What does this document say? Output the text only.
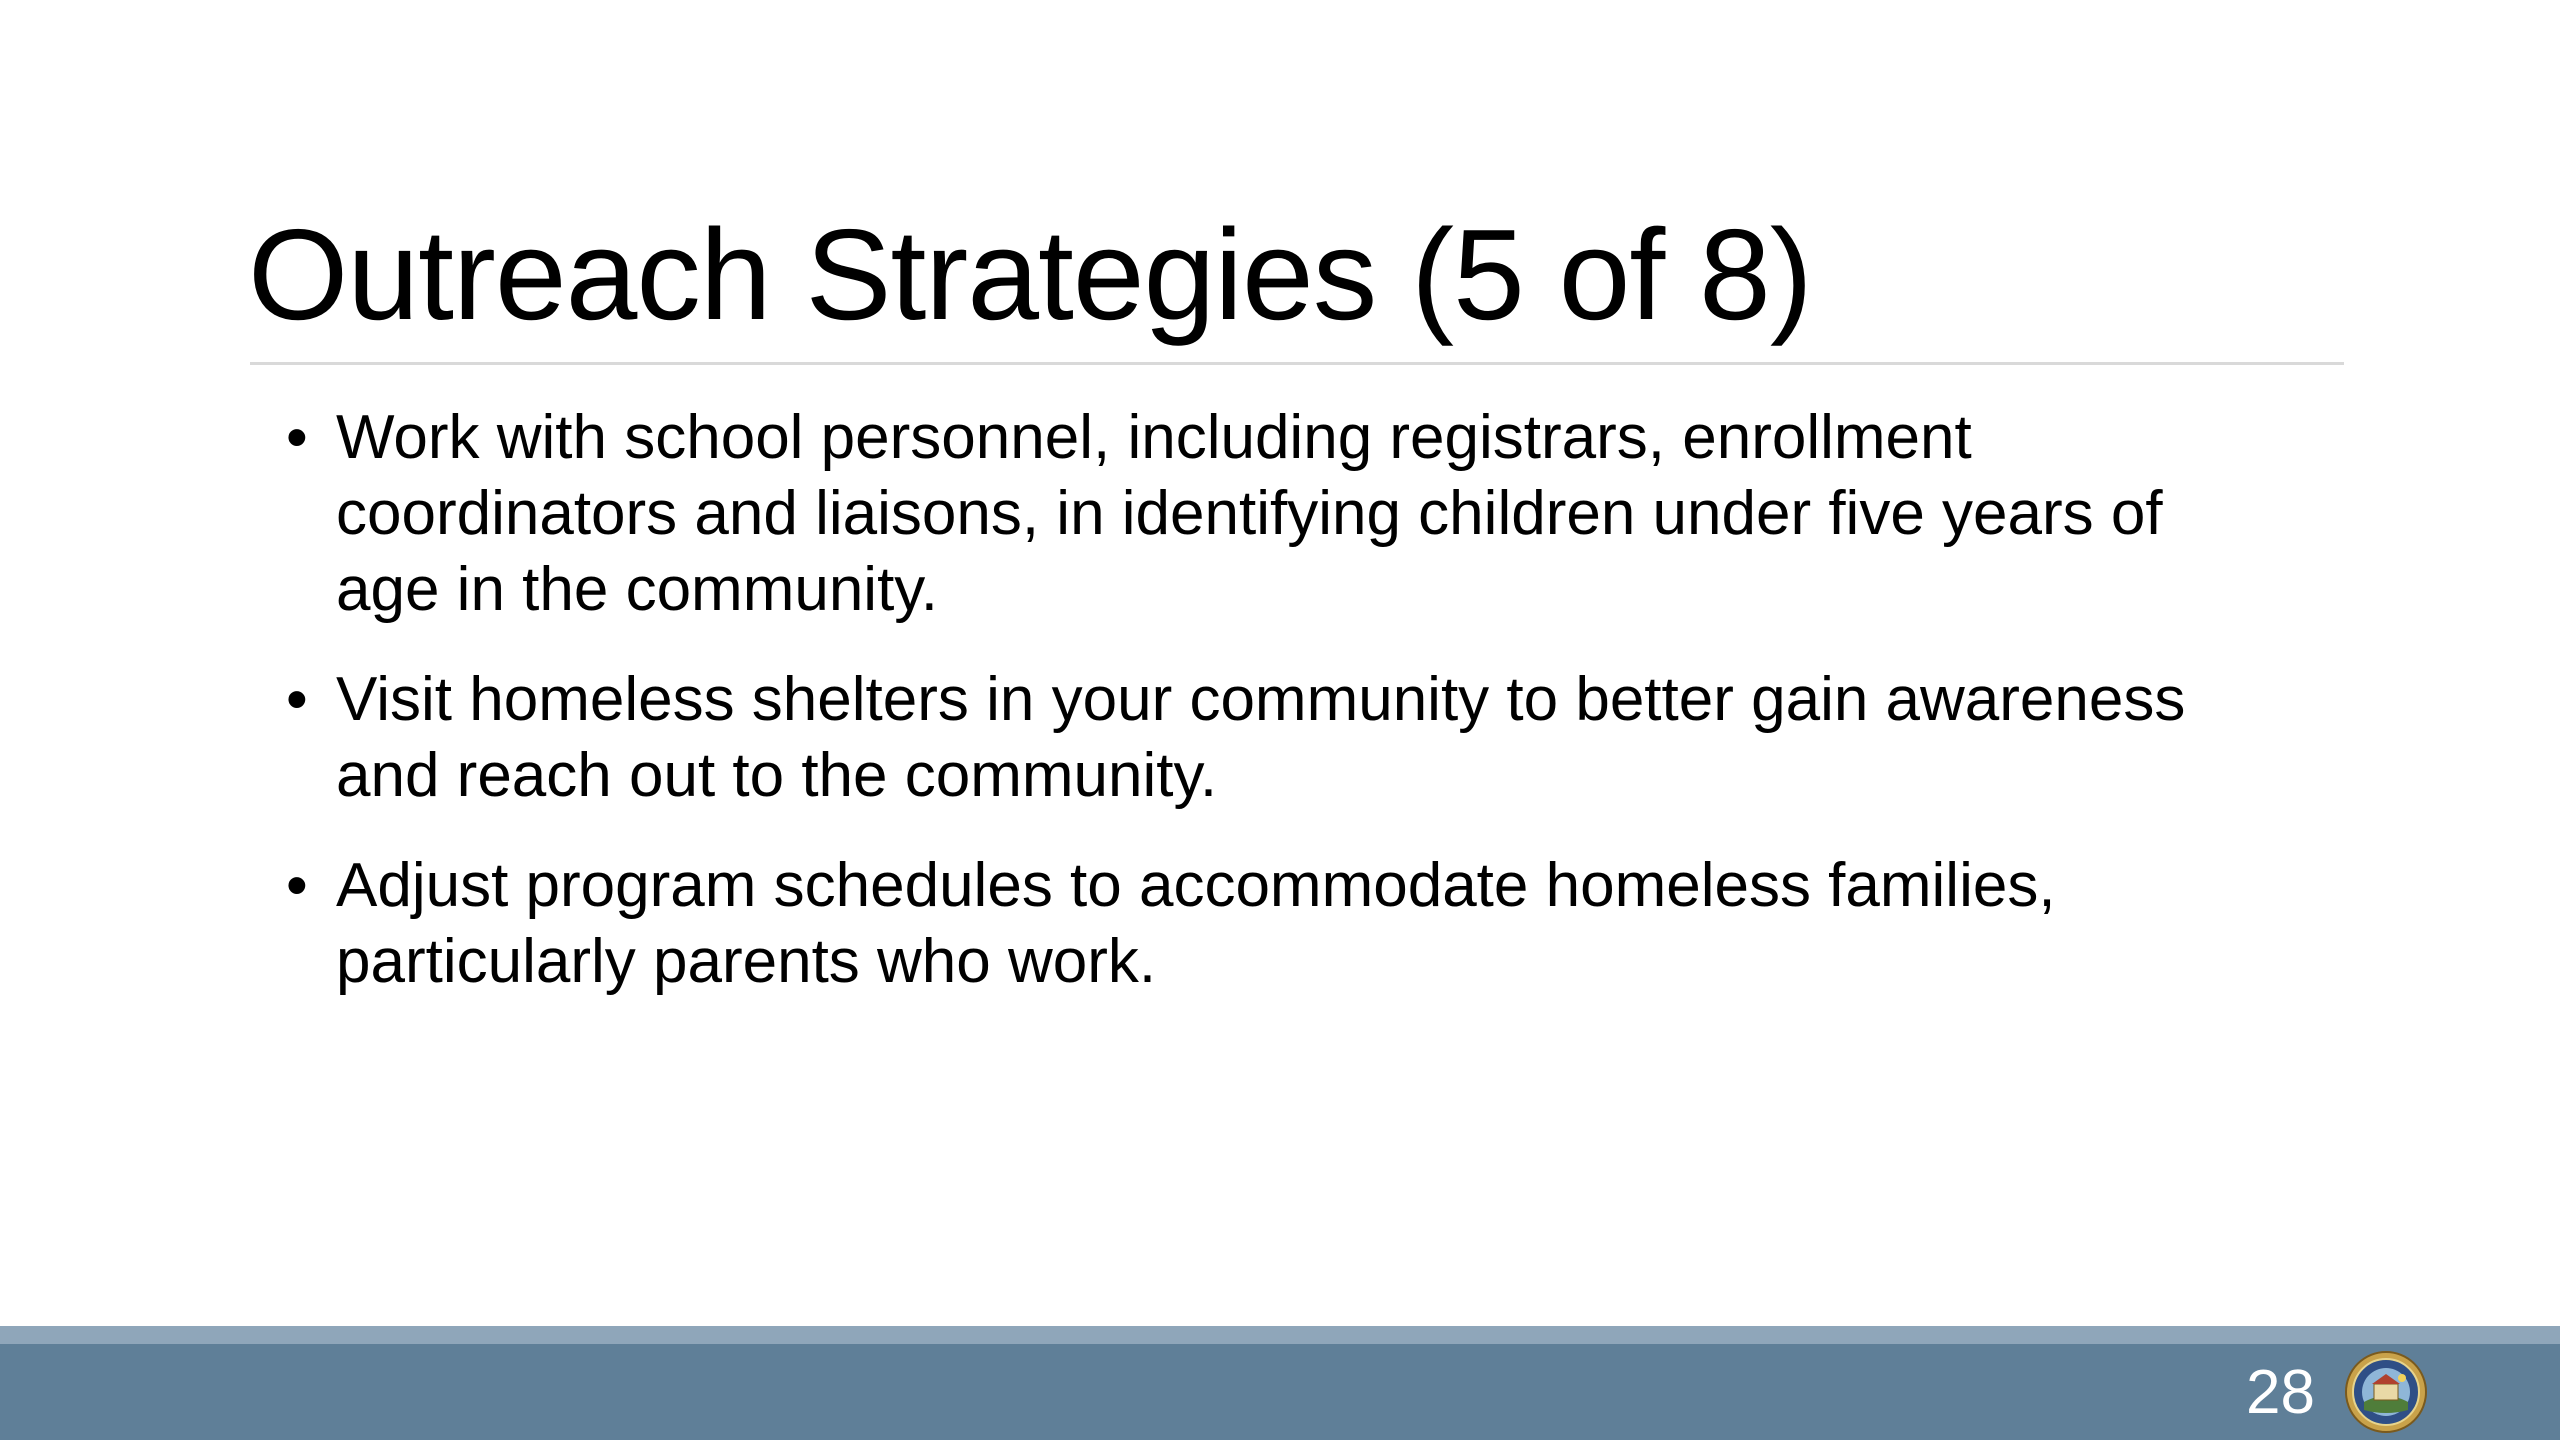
Outreach Strategies (5 of 8)
• Work with school personnel, including registrars, enrollment
coordinators and liaisons, in identifying children under five years of
age in the community.
• Visit homeless shelters in your community to better gain awareness
and reach out to the community.
• Adjust program schedules to accommodate homeless families,
particularly parents who work.
28
